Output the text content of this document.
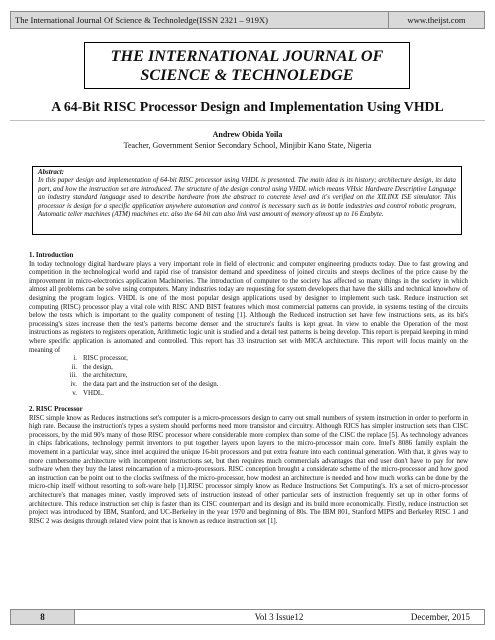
The International Journal Of Science & Technoledge(ISSN 2321 – 919X)	www.theijst.com
THE INTERNATIONAL JOURNAL OF
SCIENCE & TECHNOLEDGE
A 64-Bit RISC Processor Design and Implementation Using VHDL
Andrew Obida Yoila
Teacher, Government Senior Secondary School, Minjibir Kano State, Nigeria
Abstract:
In this paper design and implementation of 64-bit RISC processor using VHDL is presented. The main idea is its history; architecture design, its data part, and how the instruction set are introduced. The structure of the design control using VHDL which means VHsic Hardware Descriptive Language an industry standard language used to describe hardware from the abstract to concrete level and it's verified on the XILINX ISE simulator. This processor is design for a specific application anywhere automation and control is necessary such as in bottle industries and control robotic program, Automatic teller machines (ATM) machines etc. also the 64 bit can also link vast amount of memory almost up to 16 Exabyte.
1. Introduction

In today technology digital hardware plays a very important role in field of electronic and computer engineering products today. Due to fast growing and competition in the technological world and rapid rise of transistor demand and speediness of joined circuits and steeps declines of the price cause by the improvement in micro-electronics application Machineries. The introduction of computer to the society has affected so many things in the society in which almost all problems can be solve using computers. Many industries today are requesting for system developers that have the skills and technical knowhow of designing the program logics. VHDL is one of the most popular design applications used by designer to implement such task. Reduce instruction set computing (RISC) processor play a vital role with RISC AND BIST features which most commercial patterns can provide, in systems testing of the circuits below the tests which is important to the quality component of testing [1]. Although the Reduced instruction set have few instructions sets, as its bit's processing's sizes increase then the test's patterns become denser and the structure's faults is kept great. In view to enable the Operation of the most instructions as registers to registers operation, Arithmetic logic unit is studied and a detail test patterns is being develop. This report is prepaid keeping in mind where specific application is automated and controlled. This report has 33 instruction set with MICA architecture. This report will focus mainly on the meaning of

i. RISC processor,
ii. the design,
iii. the architecture,
iv. the data part and the instruction set of the design.
v. VHDL.
2. RISC Processor

RISC simple know as Reduces instructions set's computer is a micro-processors design to carry out small numbers of system instruction in order to perform in high rate. Because the instruction's types a system should performs need more transistor and circuitry. Although RICS has simpler instruction sets than CISC processors, by the mid 90's many of those RISC processor where considerable more complex than some of the CISC the replace [5]. As technology advances in chips fabrications, technology permit inventors to put together layers upon layers to the micro-processor main core. Intel's 8086 family explain the movement in a particular way, since intel acquired the unique 16-bit processors and put extra feature into each continual generation. With that, it gives way to more cumbersome architecture with incompetent instructions set, but then requires much commercials advantages that end user don't have to pay for new software when they buy the latest reincarnation of a micro-processors. RISC conception brought a considerate scheme of the micro-processor and how good an instruction can be point out to the clocks swiftness of the micro-processor, how modest an architecture is needed and how much works can be done by the micro-chip itself without resorting to soft-ware help [1].RISC processor simply know as Reduce Instructions Set Computing's. It's a set of micro-processor architecture's that manages miner, vastly improved sets of instruction instead of other particular sets of instruction frequently set up in other forms of architecture. This reduce instruction set chip is faster than its CISC counterpart and its design and its build more economically. Firstly, reduce instruction set project was introduced by IBM, Stanford, and UC-Berkeley in the year 1970 and beginning of 80s. The IBM 801, Stanford MIPS and Berkeley RISC 1 and RISC 2 was designs through related view point that is known as reduce instruction set [1].

8	Vol 3 Issue12	December, 2015
